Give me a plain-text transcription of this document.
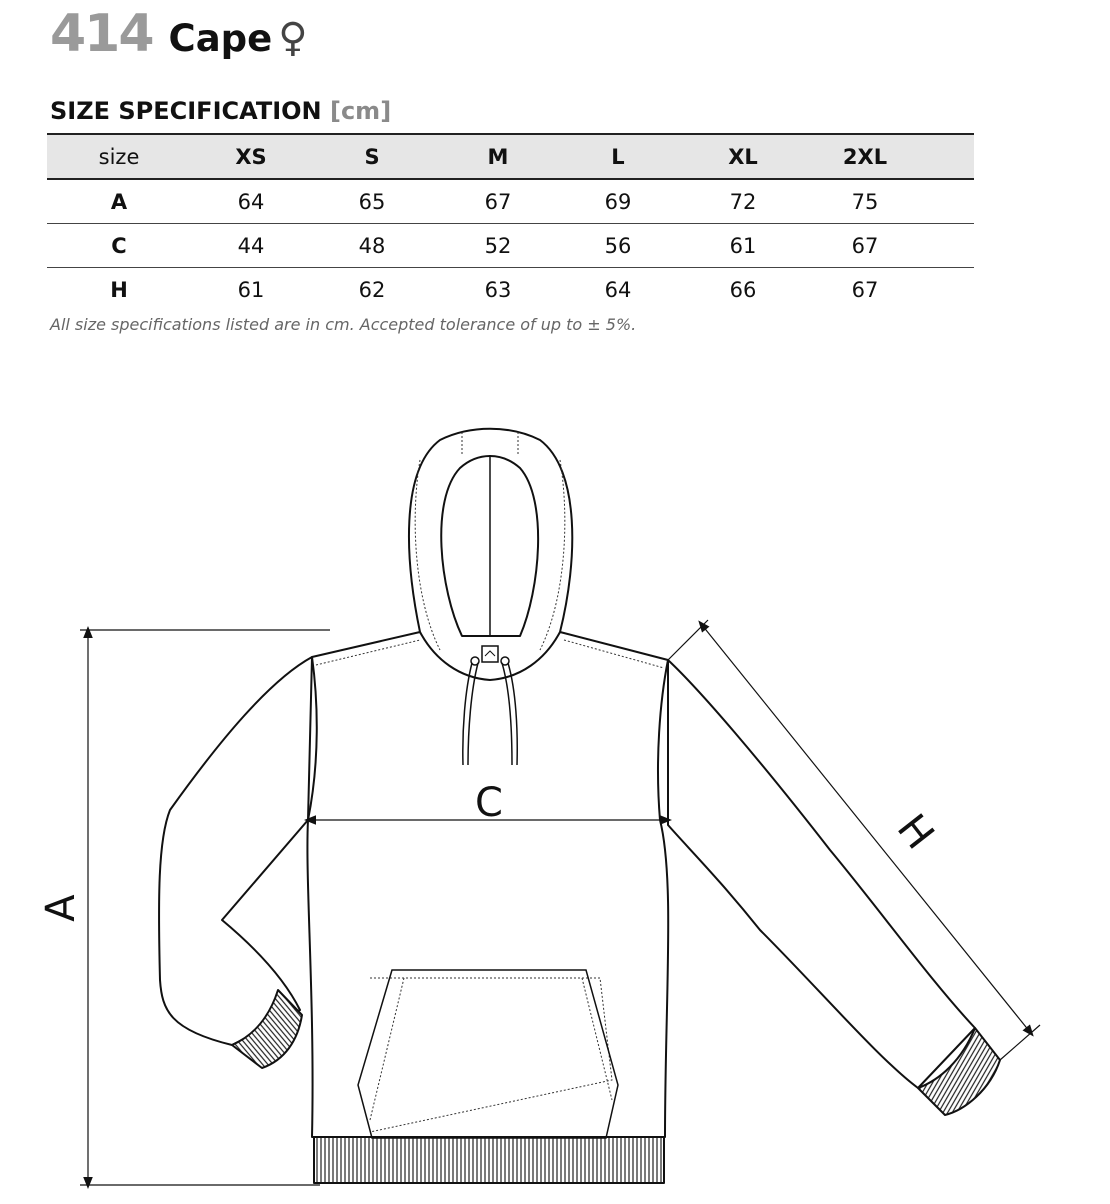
414 Cape ♀
SIZE SPECIFICATION [cm]
size	XS	S	M	L	XL	2XL	
A	64	65	67	69	72	75	
C	44	48	52	56	61	67	
H	61	62	63	64	66	67	
All size specifications listed are in cm. Accepted tolerance of up to ± 5%.
A
C
H
